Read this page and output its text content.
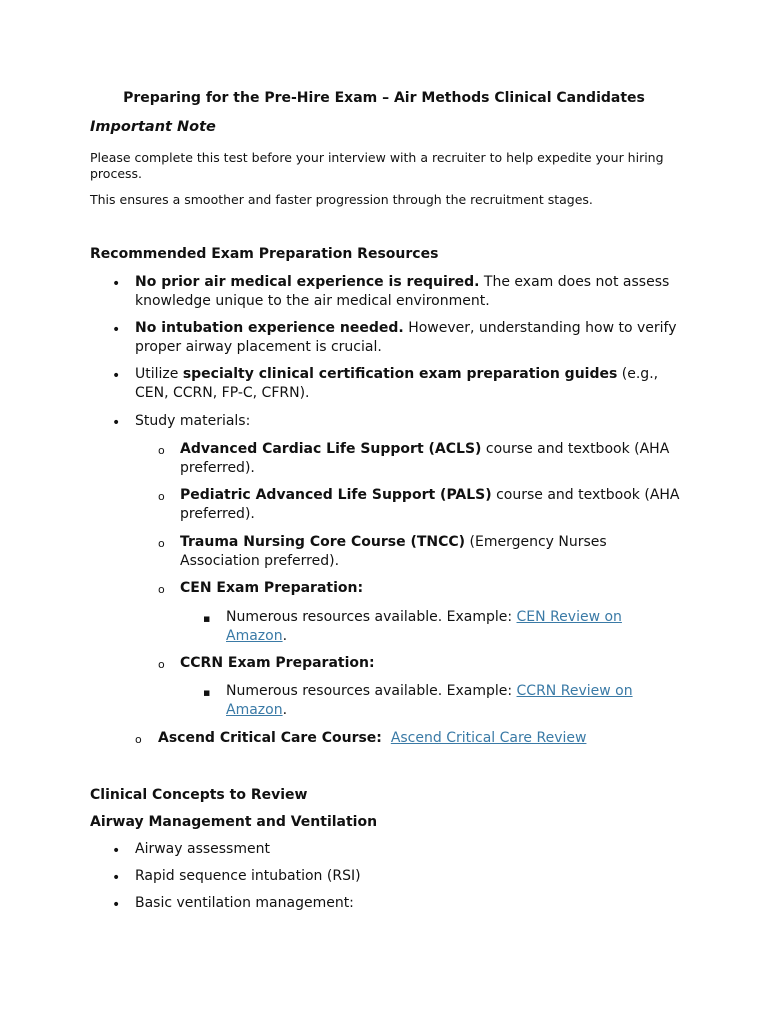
Preparing for the Pre-Hire Exam – Air Methods Clinical Candidates

Important Note

Please complete this test before your interview with a recruiter to help expedite your hiring process.

This ensures a smoother and faster progression through the recruitment stages.

Recommended Exam Preparation Resources

• No prior air medical experience is required. The exam does not assess knowledge unique to the air medical environment.
• No intubation experience needed. However, understanding how to verify proper airway placement is crucial.
• Utilize specialty clinical certification exam preparation guides (e.g., CEN, CCRN, FP-C, CFRN).
• Study materials:
o Advanced Cardiac Life Support (ACLS) course and textbook (AHA preferred).
o Pediatric Advanced Life Support (PALS) course and textbook (AHA preferred).
o Trauma Nursing Core Course (TNCC) (Emergency Nurses Association preferred).
o CEN Exam Preparation:
▪ Numerous resources available. Example: CEN Review on Amazon.
o CCRN Exam Preparation:
▪ Numerous resources available. Example: CCRN Review on Amazon.
o Ascend Critical Care Course: Ascend Critical Care Review

Clinical Concepts to Review

Airway Management and Ventilation

• Airway assessment
• Rapid sequence intubation (RSI)
• Basic ventilation management:
